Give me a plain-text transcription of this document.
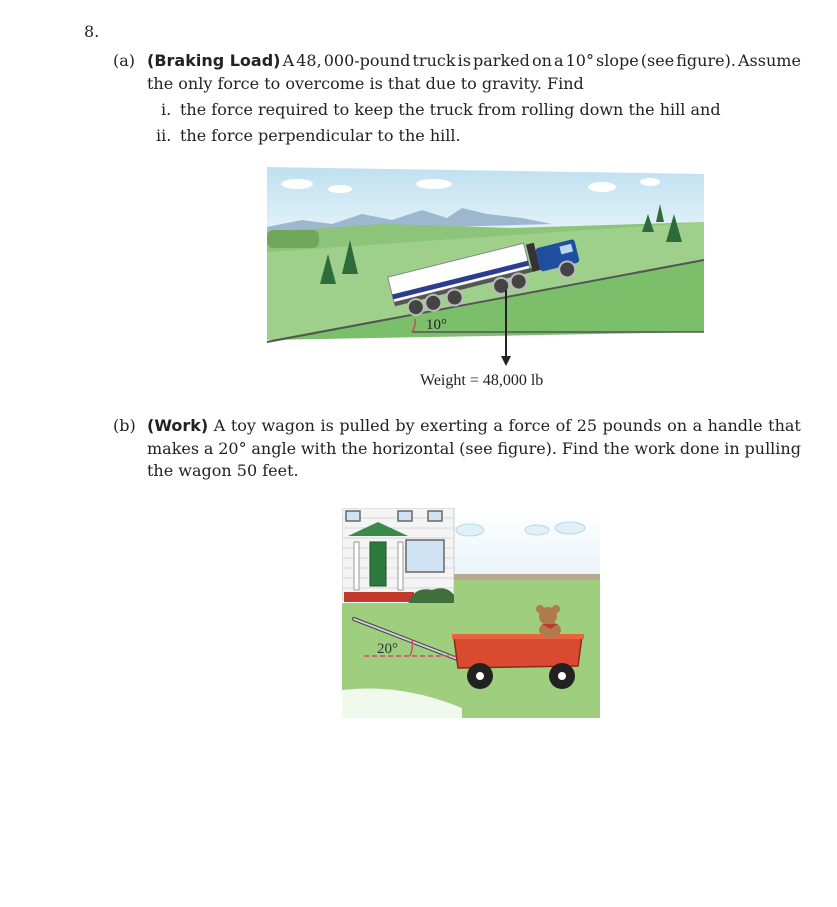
8.
(a) (Braking Load) A 48, 000-pound truck is parked on a 10° slope (see figure). Assume
the only force to overcome is that due to gravity. Find
i. the force required to keep the truck from rolling down the hill and
ii. the force perpendicular to the hill.
10°
Weight = 48,000 lb
(b) (Work) A toy wagon is pulled by exerting a force of 25 pounds on a handle that
makes a 20° angle with the horizontal (see figure). Find the work done in pulling
the wagon 50 feet.
20°
